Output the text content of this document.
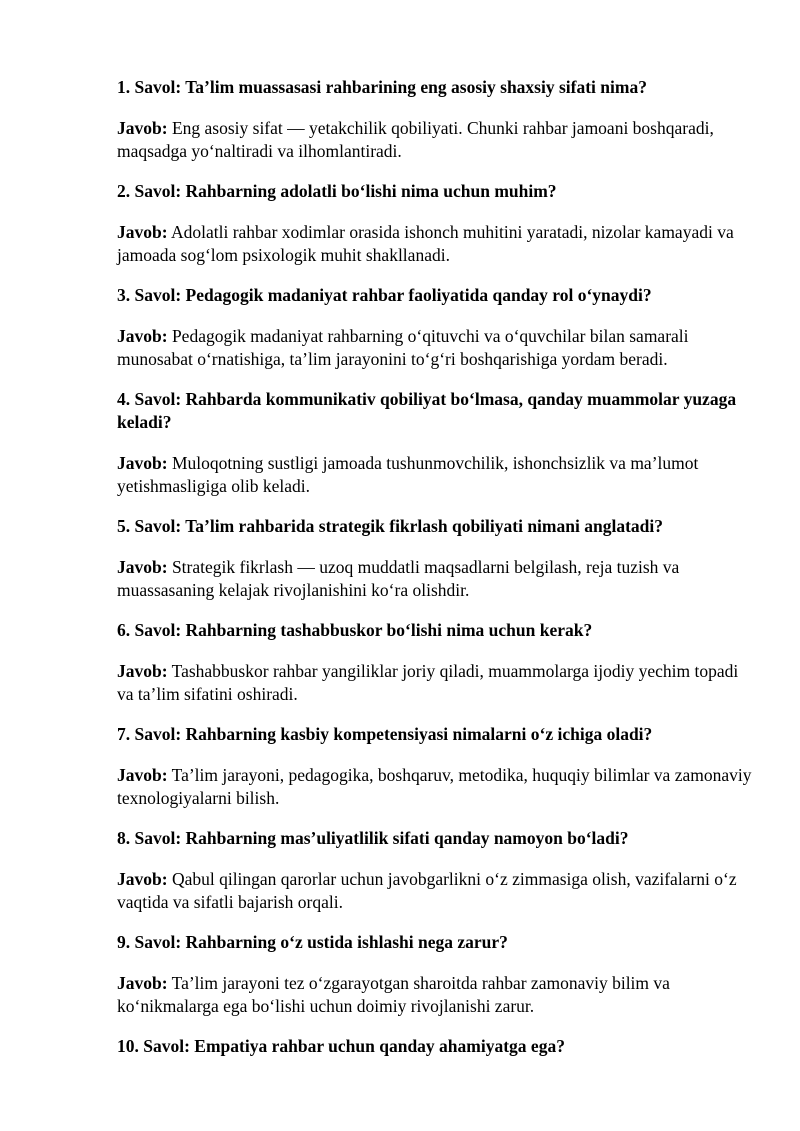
1. Savol: Ta’lim muassasasi rahbarining eng asosiy shaxsiy sifati nima?

Javob: Eng asosiy sifat — yetakchilik qobiliyati. Chunki rahbar jamoani boshqaradi, maqsadga yoʻnaltiradi va ilhomlantiradi.

2. Savol: Rahbarning adolatli boʻlishi nima uchun muhim?

Javob: Adolatli rahbar xodimlar orasida ishonch muhitini yaratadi, nizolar kamayadi va jamoada sogʻlom psixologik muhit shakllanadi.

3. Savol: Pedagogik madaniyat rahbar faoliyatida qanday rol oʻynaydi?

Javob: Pedagogik madaniyat rahbarning oʻqituvchi va oʻquvchilar bilan samarali munosabat oʻrnatishiga, ta’lim jarayonini toʻgʻri boshqarishiga yordam beradi.

4. Savol: Rahbarda kommunikativ qobiliyat boʻlmasa, qanday muammolar yuzaga keladi?

Javob: Muloqotning sustligi jamoada tushunmovchilik, ishonchsizlik va ma’lumot yetishmasligiga olib keladi.

5. Savol: Ta’lim rahbarida strategik fikrlash qobiliyati nimani anglatadi?

Javob: Strategik fikrlash — uzoq muddatli maqsadlarni belgilash, reja tuzish va muassasaning kelajak rivojlanishini koʻra olishdir.

6. Savol: Rahbarning tashabbuskor boʻlishi nima uchun kerak?

Javob: Tashabbuskor rahbar yangiliklar joriy qiladi, muammolarga ijodiy yechim topadi va ta’lim sifatini oshiradi.

7. Savol: Rahbarning kasbiy kompetensiyasi nimalarni oʻz ichiga oladi?

Javob: Ta’lim jarayoni, pedagogika, boshqaruv, metodika, huquqiy bilimlar va zamonaviy texnologiyalarni bilish.

8. Savol: Rahbarning mas’uliyatlilik sifati qanday namoyon boʻladi?

Javob: Qabul qilingan qarorlar uchun javobgarlikni oʻz zimmasiga olish, vazifalarni oʻz vaqtida va sifatli bajarish orqali.

9. Savol: Rahbarning oʻz ustida ishlashi nega zarur?

Javob: Ta’lim jarayoni tez oʻzgarayotgan sharoitda rahbar zamonaviy bilim va koʻnikmalarga ega boʻlishi uchun doimiy rivojlanishi zarur.

10. Savol: Empatiya rahbar uchun qanday ahamiyatga ega?
